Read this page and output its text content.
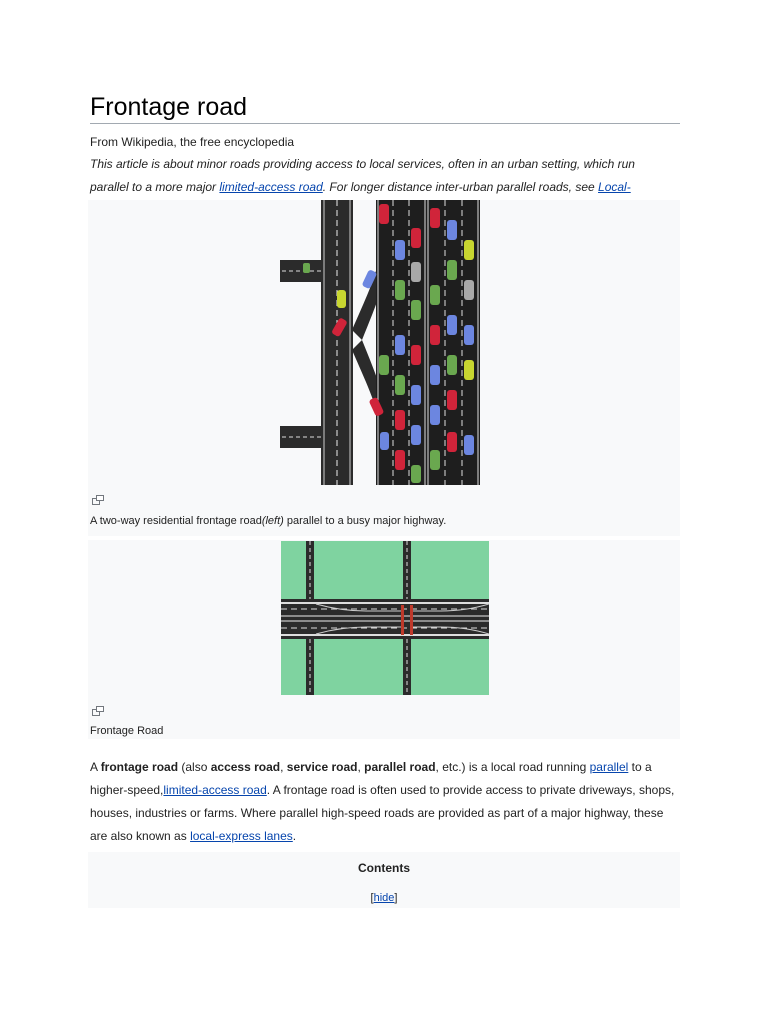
Frontage road
From Wikipedia, the free encyclopedia
This article is about minor roads providing access to local services, often in an urban setting, which run parallel to a more major limited-access road. For longer distance inter-urban parallel roads, see Local-
A two-way residential frontage road(left) parallel to a busy major highway.
Frontage Road
A frontage road (also access road, service road, parallel road, etc.) is a local road running parallel to a higher-speed,limited-access road. A frontage road is often used to provide access to private driveways, shops, houses, industries or farms. Where parallel high-speed roads are provided as part of a major highway, these are also known as local-express lanes.
Contents
[hide]
